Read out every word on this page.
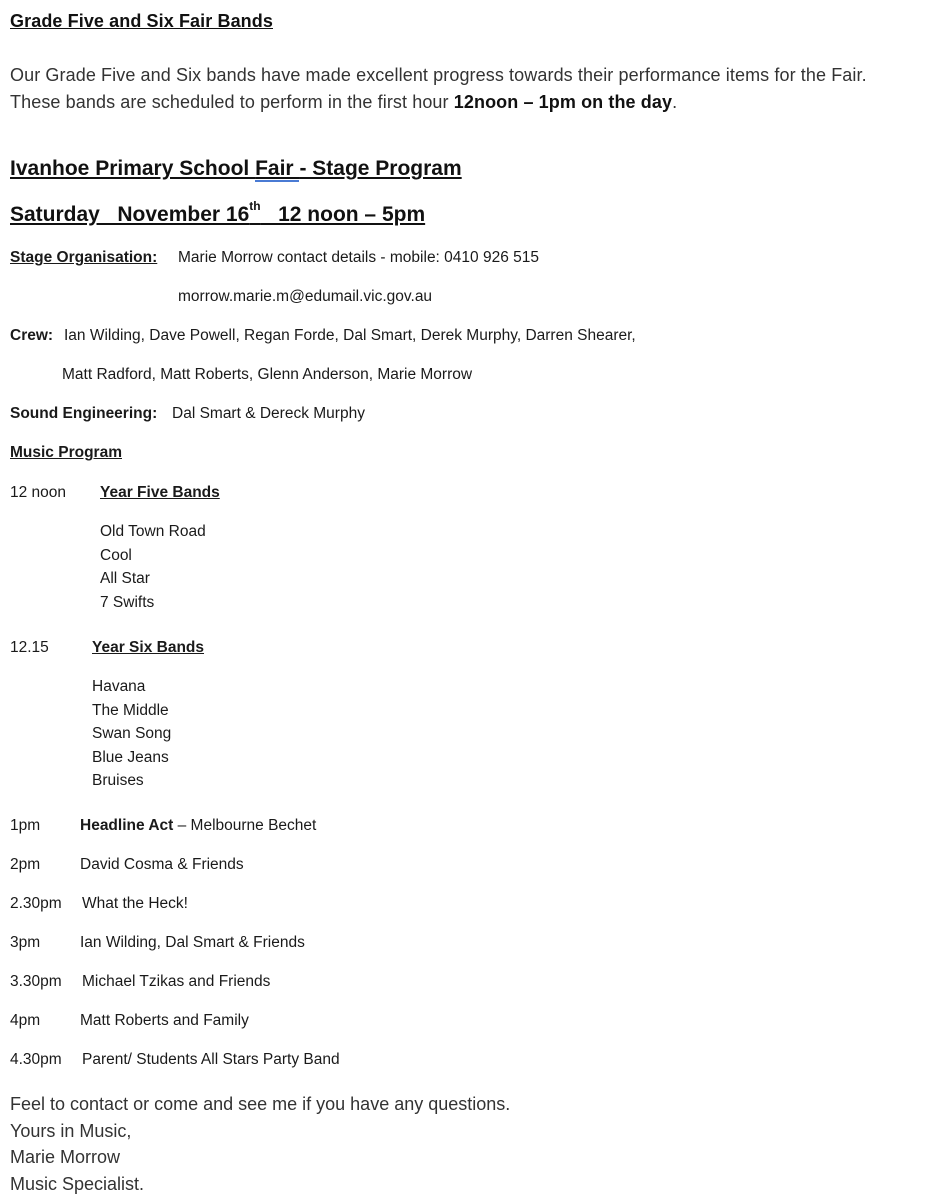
Grade Five and Six Fair Bands
Our Grade Five and Six bands have made excellent progress towards their performance items for the Fair.
These bands are scheduled to perform in the first hour 12noon – 1pm on the day.
Ivanhoe Primary School Fair - Stage Program
Saturday   November 16th   12 noon – 5pm
Stage Organisation: Marie Morrow contact details - mobile: 0410 926 515
morrow.marie.m@edumail.vic.gov.au
Crew: Ian Wilding, Dave Powell, Regan Forde, Dal Smart, Derek Murphy, Darren Shearer,
Matt Radford, Matt Roberts, Glenn Anderson, Marie Morrow
Sound Engineering: Dal Smart & Dereck Murphy
Music Program
12 noon Year Five Bands
Old Town Road
Cool
All Star
7 Swifts
12.15	Year Six Bands
Havana
The Middle
Swan Song
Blue Jeans
Bruises
1pm	Headline Act – Melbourne Bechet
2pm	David Cosma & Friends
2.30pm What the Heck!
3pm	Ian Wilding, Dal Smart & Friends
3.30pm Michael Tzikas and Friends
4pm	Matt Roberts and Family
4.30pm Parent/ Students All Stars Party Band
Feel to contact or come and see me if you have any questions.
Yours in Music,
Marie Morrow
Music Specialist.
